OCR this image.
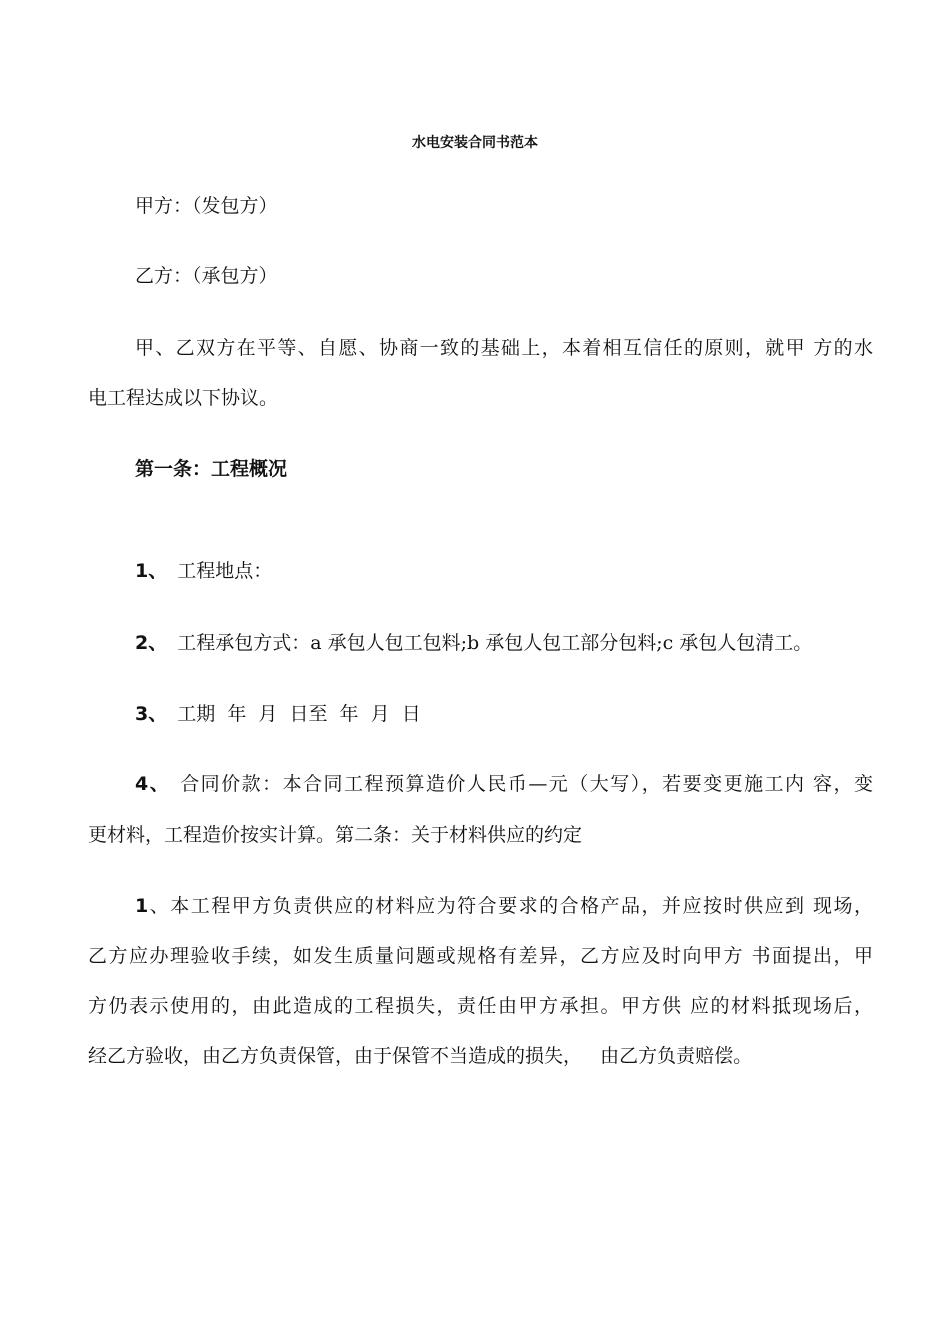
水电安装合同书范本
甲方：（发包方）
乙方：（承包方）
甲、乙双方在平等、自愿、协商一致的基础上，本着相互信任的原则，就甲 方的水
电工程达成以下协议。
第一条：工程概况
1、 工程地点：
2、 工程承包方式：a 承包人包工包料;b 承包人包工部分包料;c 承包人包清工。
3、 工期  年  月  日至  年  月  日
4、 合同价款：本合同工程预算造价人民币—元（大写），若要变更施工内 容，变
更材料，工程造价按实计算。第二条：关于材料供应的约定
1、本工程甲方负责供应的材料应为符合要求的合格产品，并应按时供应到 现场，
乙方应办理验收手续，如发生质量问题或规格有差异，乙方应及时向甲方 书面提出，甲
方仍表示使用的，由此造成的工程损失，责任由甲方承担。甲方供 应的材料抵现场后，
经乙方验收，由乙方负责保管，由于保管不当造成的损失，   由乙方负责赔偿。
